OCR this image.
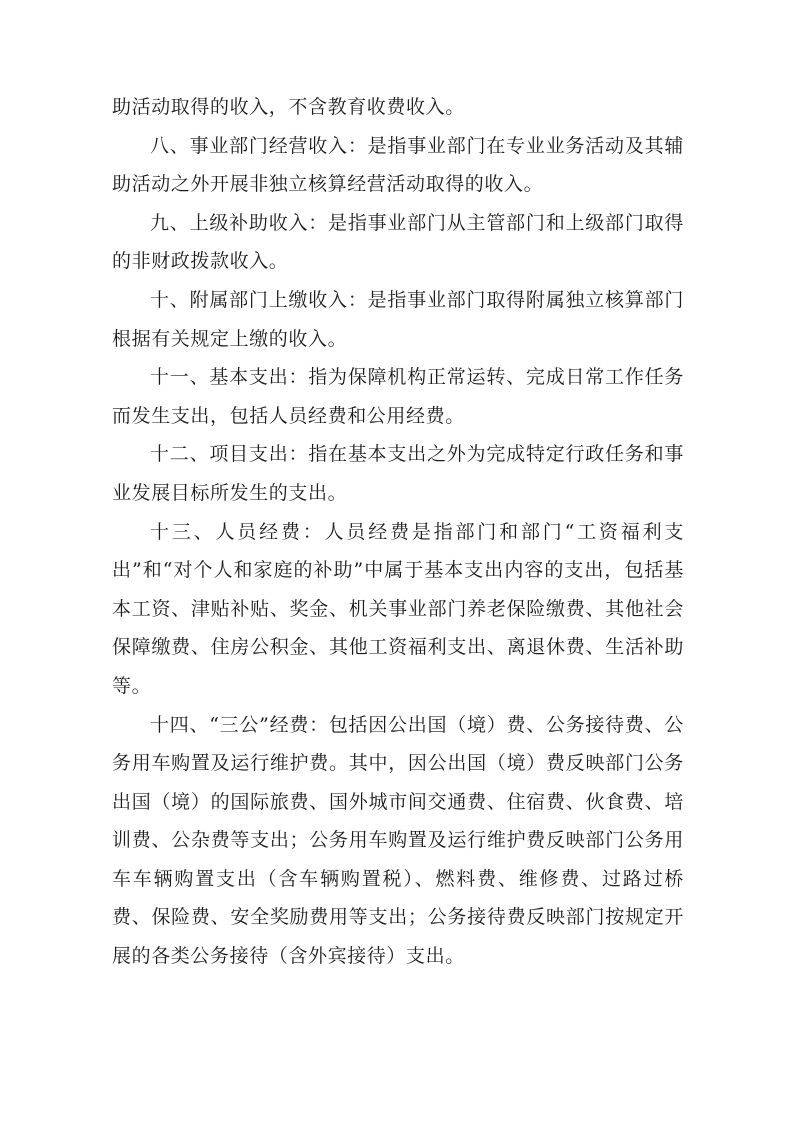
助活动取得的收入，不含教育收费收入。

八、事业部门经营收入：是指事业部门在专业业务活动及其辅助活动之外开展非独立核算经营活动取得的收入。

九、上级补助收入：是指事业部门从主管部门和上级部门取得的非财政拨款收入。

十、附属部门上缴收入：是指事业部门取得附属独立核算部门根据有关规定上缴的收入。

十一、基本支出：指为保障机构正常运转、完成日常工作任务而发生支出，包括人员经费和公用经费。

十二、项目支出：指在基本支出之外为完成特定行政任务和事业发展目标所发生的支出。

十三、人员经费：人员经费是指部门和部门“工资福利支出”和“对个人和家庭的补助”中属于基本支出内容的支出，包括基本工资、津贴补贴、奖金、机关事业部门养老保险缴费、其他社会保障缴费、住房公积金、其他工资福利支出、离退休费、生活补助等。

十四、“三公”经费：包括因公出国（境）费、公务接待费、公务用车购置及运行维护费。其中，因公出国（境）费反映部门公务出国（境）的国际旅费、国外城市间交通费、住宿费、伙食费、培训费、公杂费等支出；公务用车购置及运行维护费反映部门公务用车车辆购置支出（含车辆购置税）、燃料费、维修费、过路过桥费、保险费、安全奖励费用等支出；公务接待费反映部门按规定开展的各类公务接待（含外宾接待）支出。
